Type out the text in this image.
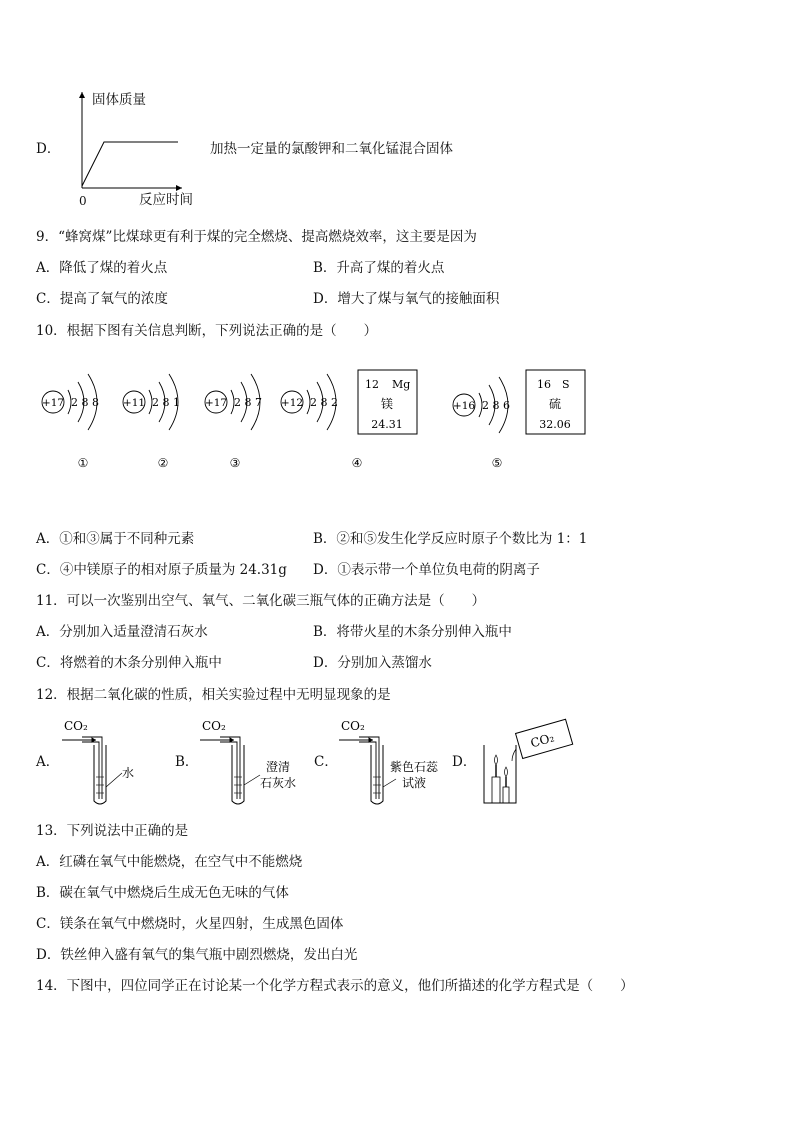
D．
固体质量
反应时间
0
加热一定量的氯酸钾和二氧化锰混合固体
9．“蜂窝煤”比煤球更有利于煤的完全燃烧、提高燃烧效率，这主要是因为
A．降低了煤的着火点	B．升高了煤的着火点
C．提高了氧气的浓度	D．增大了煤与氧气的接触面积
10．根据下图有关信息判断，下列说法正确的是（　　）
+17 2 8 8 +11 2 8 1 +17 2 8 7 +12 2 8 2
12 Mg
镁
24.31
+16 2 8 6
16 S
硫
32.06
①	②	③	④	⑤
A．①和③属于不同种元素	B．②和⑤发生化学反应时原子个数比为 1：1
C．④中镁原子的相对原子质量为 24.31g D．①表示带一个单位负电荷的阴离子
11．可以一次鉴别出空气、氧气、二氧化碳三瓶气体的正确方法是（　　）
A．分别加入适量澄清石灰水	B．将带火星的木条分别伸入瓶中
C．将燃着的木条分别伸入瓶中	D．分别加入蒸馏水
12．根据二氧化碳的性质，相关实验过程中无明显现象的是
A．	B．	C．	D．
CO₂
水
CO₂
澄清
石灰水
CO₂
紫色石蕊
试液
CO₂
13．下列说法中正确的是
A．红磷在氧气中能燃烧，在空气中不能燃烧
B．碳在氧气中燃烧后生成无色无味的气体
C．镁条在氧气中燃烧时，火星四射，生成黑色固体
D．铁丝伸入盛有氧气的集气瓶中剧烈燃烧，发出白光
14．下图中，四位同学正在讨论某一个化学方程式表示的意义，他们所描述的化学方程式是（　　）
